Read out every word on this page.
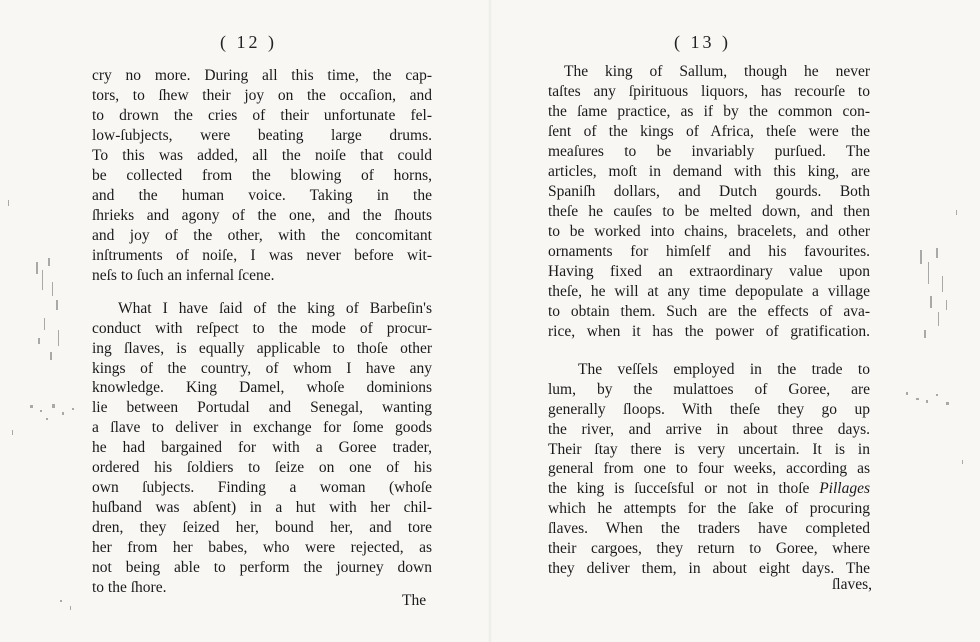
( 12 )
cry no more. During all this time, the cap-
tors, to ſhew their joy on the occaſion, and
to drown the cries of their unfortunate fel-
low-ſubjects, were beating large drums.
To this was added, all the noiſe that could
be collected from the blowing of horns,
and the human voice. Taking in the
ſhrieks and agony of the one, and the ſhouts
and joy of the other, with the concomitant
inſtruments of noiſe, I was never before wit-
neſs to ſuch an infernal ſcene.
What I have ſaid of the king of Barbeſin's
conduct with reſpect to the mode of procur-
ing ſlaves, is equally applicable to thoſe other
kings of the country, of whom I have any
knowledge. King Damel, whoſe dominions
lie between Portudal and Senegal, wanting
a ſlave to deliver in exchange for ſome goods
he had bargained for with a Goree trader,
ordered his ſoldiers to ſeize on one of his
own ſubjects. Finding a woman (whoſe
huſband was abſent) in a hut with her chil-
dren, they ſeized her, bound her, and tore
her from her babes, who were rejected, as
not being able to perform the journey down
to the ſhore.
The
( 13 )
The king of Sallum, though he never
taſtes any ſpirituous liquors, has recourſe to
the ſame practice, as if by the common con-
ſent of the kings of Africa, theſe were the
meaſures to be invariably purſued. The
articles, moſt in demand with this king, are
Spaniſh dollars, and Dutch gourds. Both
theſe he cauſes to be melted down, and then
to be worked into chains, bracelets, and other
ornaments for himſelf and his favourites.
Having fixed an extraordinary value upon
theſe, he will at any time depopulate a village
to obtain them. Such are the effects of ava-
rice, when it has the power of gratification.
The veſſels employed in the trade to
lum, by the mulattoes of Goree, are
generally ſloops. With theſe they go up
the river, and arrive in about three days.
Their ſtay there is very uncertain. It is in
general from one to four weeks, according as
the king is ſucceſsful or not in thoſe Pillages
which he attempts for the ſake of procuring
ſlaves. When the traders have completed
their cargoes, they return to Goree, where
they deliver them, in about eight days. The
ſlaves,
